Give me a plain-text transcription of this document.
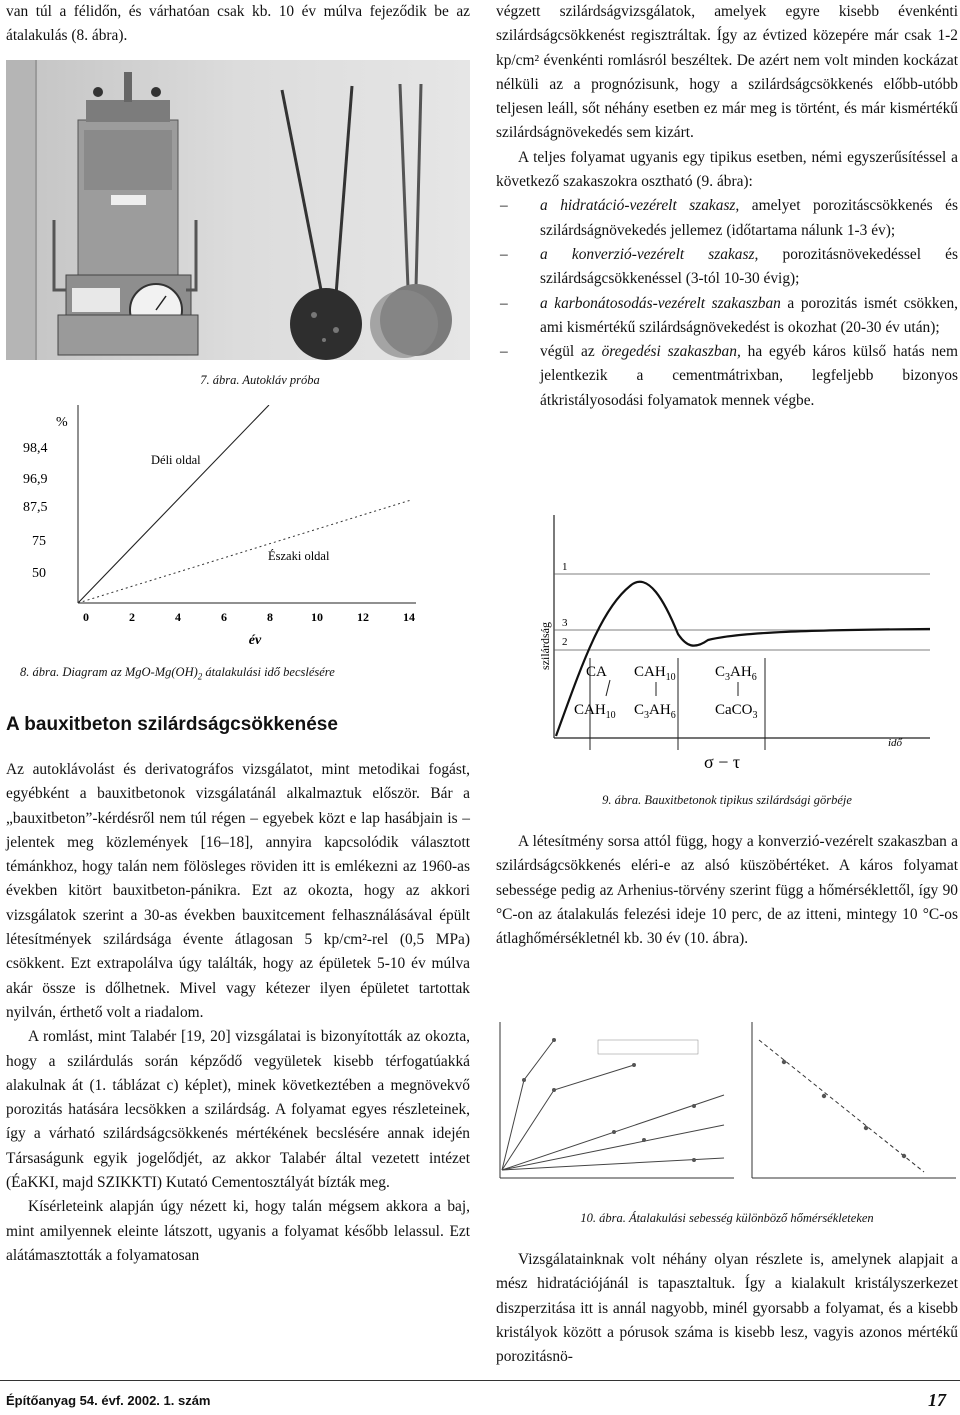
van túl a félidőn, és várhatóan csak kb. 10 év múlva fejeződik be az átalakulás (8. ábra).

7. ábra. Autokláv próba

%
98,4
96,9
87,5
75
50
Déli oldal
Északi oldal
0	2	4	6	8	10	12	14
év

8. ábra. Diagram az MgO-$Mg(OH)_2$ átalakulási idő becslésére

A bauxitbeton szilárdságcsökkenése

Az autoklávolást és derivatográfos vizsgálatot, mint metodikai fogást, egyébként a bauxitbetonok vizsgálatánál alkalmaztuk először. Bár a „bauxitbeton”-kérdésről nem túl régen – egyebek közt e lap hasábjain is – jelentek meg közlemények [16–18], annyira kapcsolódik választott témánkhoz, hogy talán nem fölösleges röviden itt is emlékezni az 1960-as években kitört bauxitbeton-pánikra. Ezt az okozta, hogy az akkori vizsgálatok szerint a 30-as években bauxitcement felhasználásával épült létesítmények szilárdsága évente átlagosan 5 kp/cm²-rel (0,5 MPa) csökkent. Ezt extrapolálva úgy találták, hogy az épületek 5-10 év múlva akár össze is dőlhetnek. Mivel vagy kétezer ilyen épületet tartottak nyilván, érthető volt a riadalom.

A romlást, mint Talabér [19, 20] vizsgálatai is bizonyították az okozta, hogy a szilárdulás során képződő vegyületek kisebb térfogatúakká alakulnak át (1. táblázat c) képlet), minek következtében a megnövekvő porozitás hatására lecsökken a szilárdság. A folyamat egyes részleteinek, így a várható szilárdságcsökkenés mértékének becslésére annak idején Társaságunk egyik jogelődjét, az akkor Talabér által vezetett intézet (ÉaKKI, majd SZIKKTI) Kutató Cementosztályát bízták meg.

Kísérleteink alapján úgy nézett ki, hogy talán mégsem akkora a baj, mint amilyennek eleinte látszott, ugyanis a folyamat később lelassul. Ezt alátámasztották a folyamatosan

végzett szilárdságvizsgálatok, amelyek egyre kisebb évenkénti szilárdságcsökkenést regisztráltak. Így az évtized közepére már csak 1-2 kp/cm² évenkénti romlásról beszéltek. De azért nem volt minden kockázat nélküli az a prognózisunk, hogy a szilárdságcsökkenés előbb-utóbb teljesen leáll, sőt néhány esetben ez már meg is történt, és már kismértékű szilárdságnövekedés sem kizárt.

A teljes folyamat ugyanis egy tipikus esetben, némi egyszerűsítéssel a következő szakaszokra osztható (9. ábra):

– a hidratáció-vezérelt szakasz, amelyet porozitáscsökkenés és szilárdságnövekedés jellemez (időtartama nálunk 1-3 év);
– a konverzió-vezérelt szakasz, porozitásnövekedéssel és szilárdságcsökkenéssel (3-tól 10-30 évig);
– a karbonátosodás-vezérelt szakaszban a porozitás ismét csökken, ami kismértékű szilárdságnövekedést is okozhat (20-30 év után);
– végül az öregedési szakaszban, ha egyéb káros külső hatás nem jelentkezik a cementmátrixban, legfeljebb bizonyos átkristályosodási folyamatok mennek végbe.
szilárdság
1
3
2
CA $CAH_{10}$	$C_3AH_6$
$CAH_{10}$ $C_3AH_6$	CaCO$_3$
idő
σ − τ

9. ábra. Bauxitbetonok tipikus szilárdsági görbéje

A létesítmény sorsa attól függ, hogy a konverzió-vezérelt szakaszban a szilárdságcsökkenés eléri-e az alsó küszöbértéket. A káros folyamat sebessége pedig az Arhenius-törvény szerint függ a hőmérséklettől, így 90 °C-on az átalakulás felezési ideje 10 perc, de az itteni, mintegy 10 °C-os átlaghőmérsékletnél kb. 30 év (10. ábra).

10. ábra. Átalakulási sebesség különböző hőmérsékleteken

Vizsgálatainknak volt néhány olyan részlete is, amelynek alapjait a mész hidratációjánál is tapasztaltuk. Így a kialakult kristályszerkezet diszperzitása itt is annál nagyobb, minél gyorsabb a folyamat, és a kisebb kristályok között a pórusok száma is kisebb lesz, vagyis azonos mértékű porozitásnö-

Építőanyag 54. évf. 2002. 1. szám	17
